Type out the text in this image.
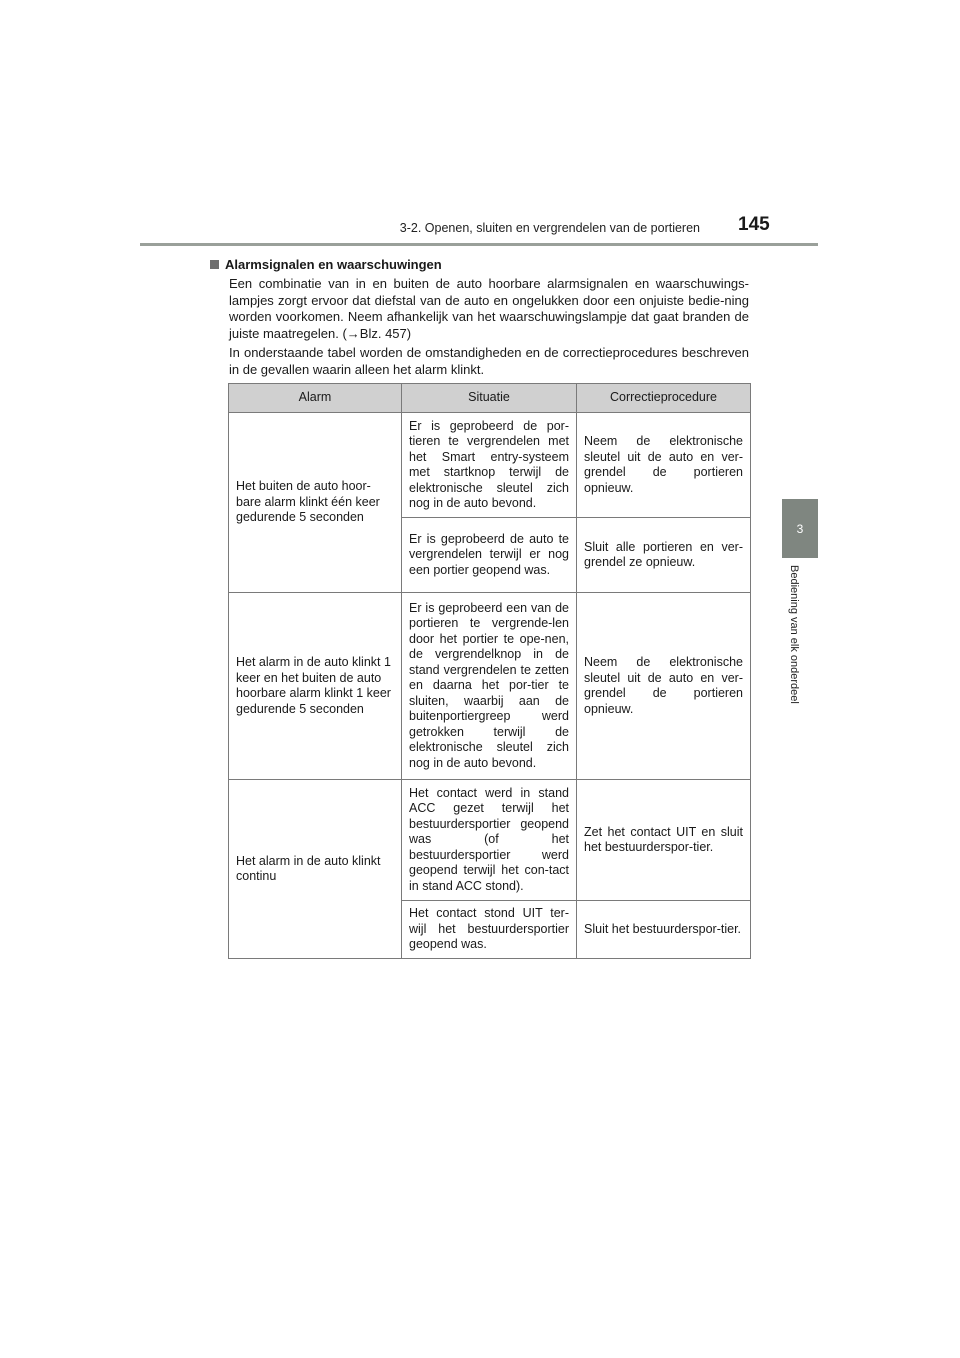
3-2. Openen, sluiten en vergrendelen van de portieren 145
3
Bediening van elk onderdeel
Alarmsignalen en waarschuwingen
Een combinatie van in en buiten de auto hoorbare alarmsignalen en waarschuwings-lampjes zorgt ervoor dat diefstal van de auto en ongelukken door een onjuiste bedie-ning worden voorkomen. Neem afhankelijk van het waarschuwingslampje dat gaat branden de juiste maatregelen. (→Blz. 457)
In onderstaande tabel worden de omstandigheden en de correctieprocedures beschreven in de gevallen waarin alleen het alarm klinkt.
Alarm	Situatie	Correctieprocedure
Het buiten de auto hoor-bare alarm klinkt één keer gedurende 5 seconden	Er is geprobeerd de por-tieren te vergrendelen met het Smart entry-systeem met startknop terwijl de elektronische sleutel zich nog in de auto bevond.	Neem de elektronische sleutel uit de auto en ver-grendel de portieren opnieuw.
	Er is geprobeerd de auto te vergrendelen terwijl er nog een portier geopend was.	Sluit alle portieren en ver-grendel ze opnieuw.
Het alarm in de auto klinkt 1 keer en het buiten de auto hoorbare alarm klinkt 1 keer gedurende 5 seconden	Er is geprobeerd een van de portieren te vergrende-len door het portier te ope-nen, de vergrendelknop in de stand vergrendelen te zetten en daarna het por-tier te sluiten, waarbij aan de buitenportiergreep werd getrokken terwijl de elektronische sleutel zich nog in de auto bevond.	Neem de elektronische sleutel uit de auto en ver-grendel de portieren opnieuw.
Het alarm in de auto klinkt continu	Het contact werd in stand ACC gezet terwijl het bestuurdersportier geopend was (of het bestuurdersportier werd geopend terwijl het con-tact in stand ACC stond).	Zet het contact UIT en sluit het bestuurderspor-tier.
	Het contact stond UIT ter-wijl het bestuurdersportier geopend was.	Sluit het bestuurderspor-tier.
